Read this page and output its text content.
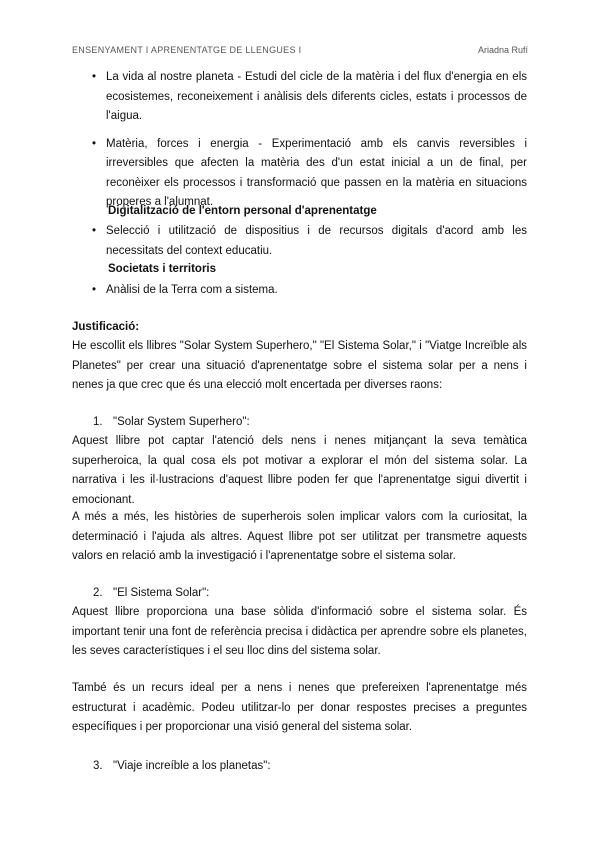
ENSENYAMENT I APRENENTATGE DE LLENGUES I	Ariadna Rufí
• La vida al nostre planeta - Estudi del cicle de la matèria i del flux d'energia en els ecosistemes, reconeixement i anàlisis dels diferents cicles, estats i processos de l'aigua.
• Matèria, forces i energia - Experimentació amb els canvis reversibles i irreversibles que afecten la matèria des d'un estat inicial a un de final, per reconèixer els processos i transformació que passen en la matèria en situacions properes a l'alumnat.
Digitalització de l'entorn personal d'aprenentatge
• Selecció i utilització de dispositius i de recursos digitals d'acord amb les necessitats del context educatiu.
Societats i territoris
• Anàlisi de la Terra com a sistema.
Justificació:
He escollit els llibres "Solar System Superhero," "El Sistema Solar," i "Viatge Increïble als Planetes" per crear una situació d'aprenentatge sobre el sistema solar per a nens i nenes ja que crec que és una elecció molt encertada per diverses raons:
1. "Solar System Superhero":
Aquest llibre pot captar l'atenció dels nens i nenes mitjançant la seva temàtica superheroica, la qual cosa els pot motivar a explorar el món del sistema solar. La narrativa i les il·lustracions d'aquest llibre poden fer que l'aprenentatge sigui divertit i emocionant.
A més a més, les històries de superherois solen implicar valors com la curiositat, la determinació i l'ajuda als altres. Aquest llibre pot ser utilitzat per transmetre aquests valors en relació amb la investigació i l'aprenentatge sobre el sistema solar.
2. "El Sistema Solar":
Aquest llibre proporciona una base sòlida d'informació sobre el sistema solar. És important tenir una font de referència precisa i didàctica per aprendre sobre els planetes, les seves característiques i el seu lloc dins del sistema solar.
També és un recurs ideal per a nens i nenes que prefereixen l'aprenentatge més estructurat i acadèmic. Podeu utilitzar-lo per donar respostes precises a preguntes específiques i per proporcionar una visió general del sistema solar.
3. "Viaje increíble a los planetas":
